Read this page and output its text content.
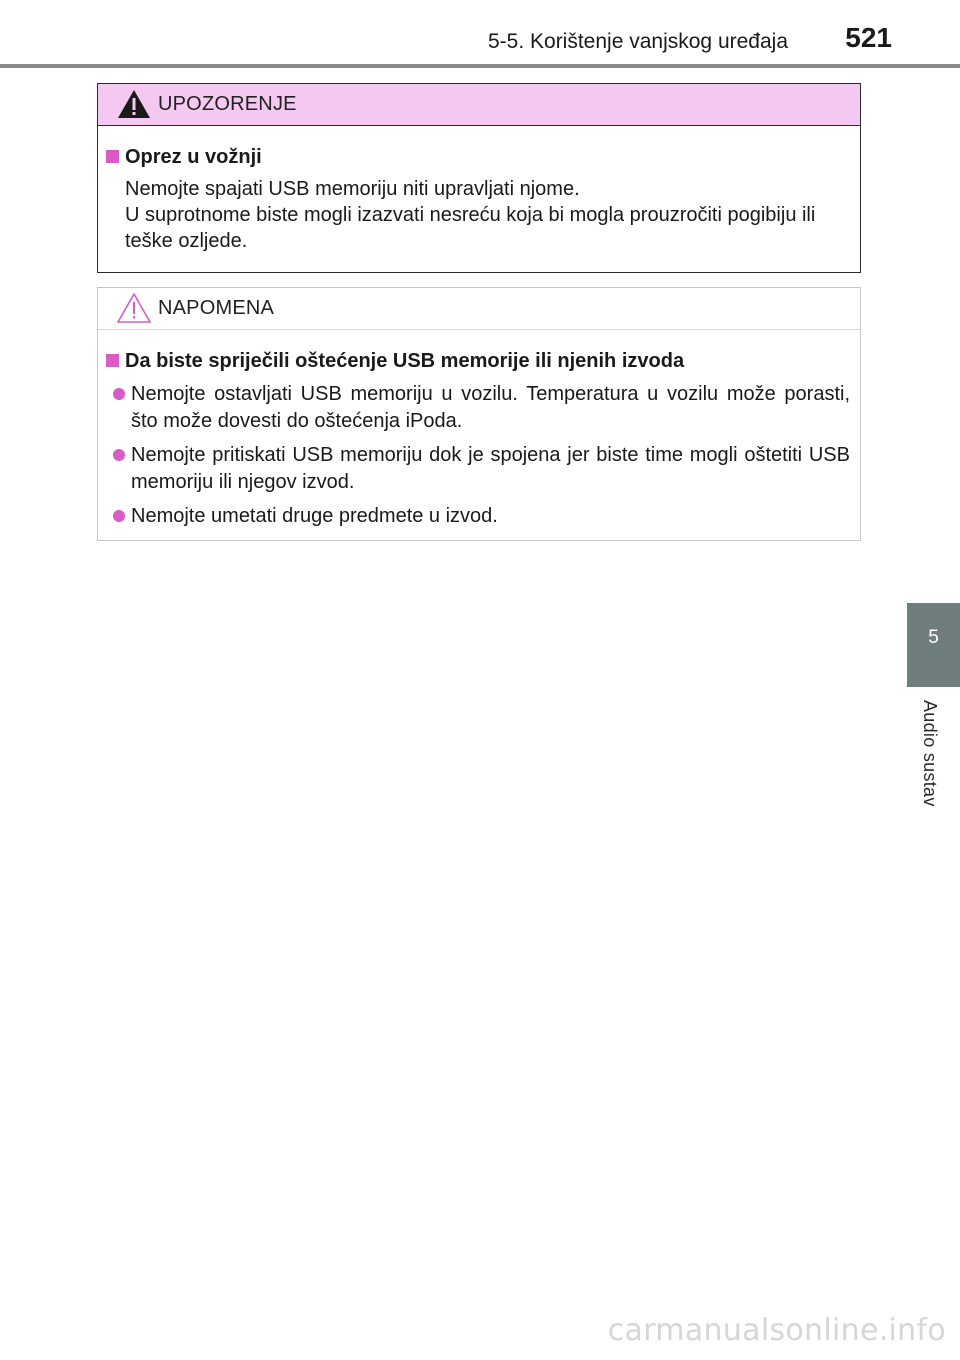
5-5. Korištenje vanjskog uređaja 521
UPOZORENJE
Oprez u vožnji
Nemojte spajati USB memoriju niti upravljati njome.
U suprotnome biste mogli izazvati nesreću koja bi mogla prouzročiti pogibiju ili teške ozljede.
NAPOMENA
Da biste spriječili oštećenje USB memorije ili njenih izvoda
Nemojte ostavljati USB memoriju u vozilu. Temperatura u vozilu može porasti, što može dovesti do oštećenja iPoda.
Nemojte pritiskati USB memoriju dok je spojena jer biste time mogli oštetiti USB memoriju ili njegov izvod.
Nemojte umetati druge predmete u izvod.
5
Audio sustav
carmanualsonline.info
